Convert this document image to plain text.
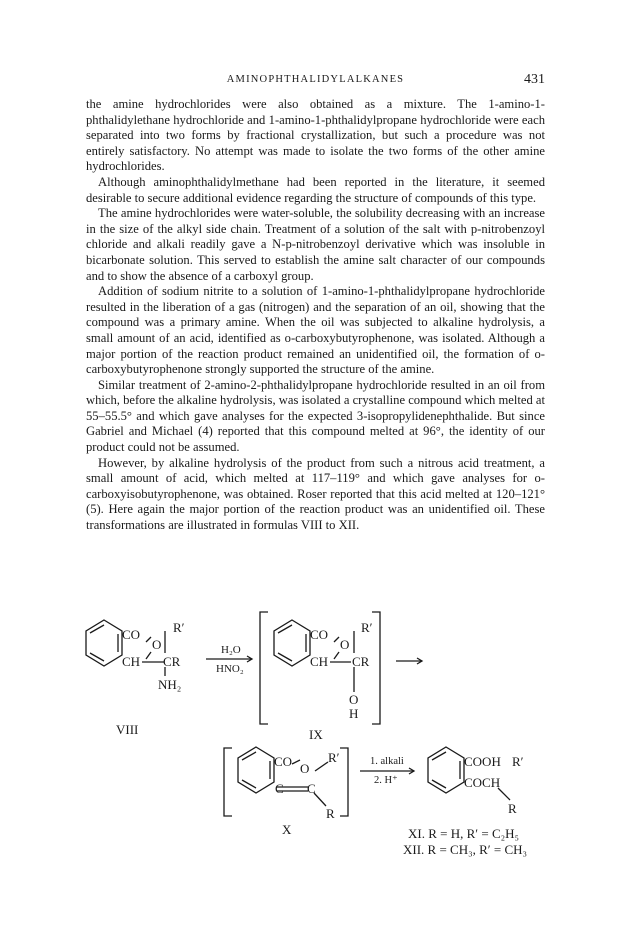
AMINOPHTHALIDYLALKANES	431

the amine hydrochlorides were also obtained as a mixture. The 1-amino-1-phthalidylethane hydrochloride and 1-amino-1-phthalidylpropane hydrochloride were each separated into two forms by fractional crystallization, but such a procedure was not entirely satisfactory. No attempt was made to isolate the two forms of the other amine hydrochlorides.

Although aminophthalidylmethane had been reported in the literature, it seemed desirable to secure additional evidence regarding the structure of compounds of this type.

The amine hydrochlorides were water-soluble, the solubility decreasing with an increase in the size of the alkyl side chain. Treatment of a solution of the salt with p-nitrobenzoyl chloride and alkali readily gave a N-p-nitrobenzoyl derivative which was insoluble in bicarbonate solution. This served to establish the amine salt character of our compounds and to show the absence of a carboxyl group.

Addition of sodium nitrite to a solution of 1-amino-1-phthalidylpropane hydrochloride resulted in the liberation of a gas (nitrogen) and the separation of an oil, showing that the compound was a primary amine. When the oil was subjected to alkaline hydrolysis, a small amount of an acid, identified as o-carboxybutyrophenone, was isolated. Although a major portion of the reaction product remained an unidentified oil, the formation of o-carboxybutyrophenone strongly supported the structure of the amine.

Similar treatment of 2-amino-2-phthalidylpropane hydrochloride resulted in an oil from which, before the alkaline hydrolysis, was isolated a crystalline compound which melted at 55–55.5° and which gave analyses for the expected 3-isopropylidenephthalide. But since Gabriel and Michael (4) reported that this compound melted at 96°, the identity of our product could not be assumed.

However, by alkaline hydrolysis of the product from such a nitrous acid treatment, a small amount of acid, which melted at 117–119° and which gave analyses for o-carboxyisobutyrophenone, was obtained. Roser reported that this acid melted at 120–121° (5). Here again the major portion of the reaction product was an unidentified oil. These transformations are illustrated in formulas VIII to XII.

CO
O
R′
CH CR
NH₂
VIII
H₂O
HNO₂
CO
O
R′
CH CR
O
H
IX
CO O
R′
C C
R
X
1. alkali
2. H⁺
COOH R′
COCH
R
XI. R = H, R′ = C₂H₅
XII. R = CH₃, R′ = CH₃
